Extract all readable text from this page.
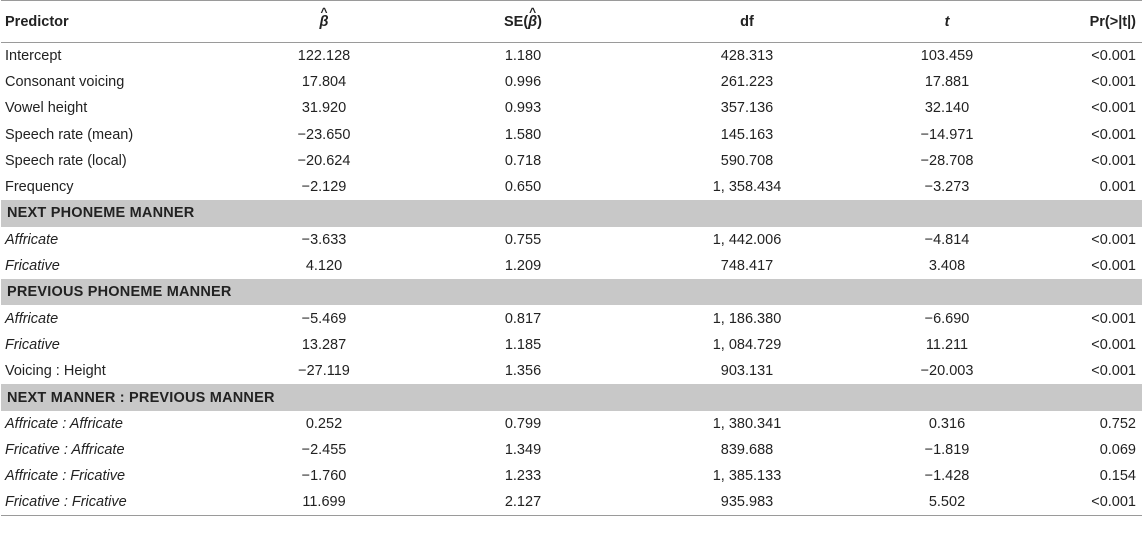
Predictor	^ β	SE(^ β)	df	t	Pr(>|t|)
Intercept	122.128	1.180	428.313	103.459	<0.001
Consonant voicing	17.804	0.996	261.223	17.881	<0.001
Vowel height	31.920	0.993	357.136	32.140	<0.001
Speech rate (mean)	−23.650	1.580	145.163	−14.971	<0.001
Speech rate (local)	−20.624	0.718	590.708	−28.708	<0.001
Frequency	−2.129	0.650	1, 358.434	−3.273	0.001
NEXT PHONEME MANNER					
Affricate	−3.633	0.755	1, 442.006	−4.814	<0.001
Fricative	4.120	1.209	748.417	3.408	<0.001
PREVIOUS PHONEME MANNER					
Affricate	−5.469	0.817	1, 186.380	−6.690	<0.001
Fricative	13.287	1.185	1, 084.729	11.211	<0.001
Voicing : Height	−27.119	1.356	903.131	−20.003	<0.001
NEXT MANNER : PREVIOUS MANNER					
Affricate : Affricate	0.252	0.799	1, 380.341	0.316	0.752
Fricative : Affricate	−2.455	1.349	839.688	−1.819	0.069
Affricate : Fricative	−1.760	1.233	1, 385.133	−1.428	0.154
Fricative : Fricative	11.699	2.127	935.983	5.502	<0.001
